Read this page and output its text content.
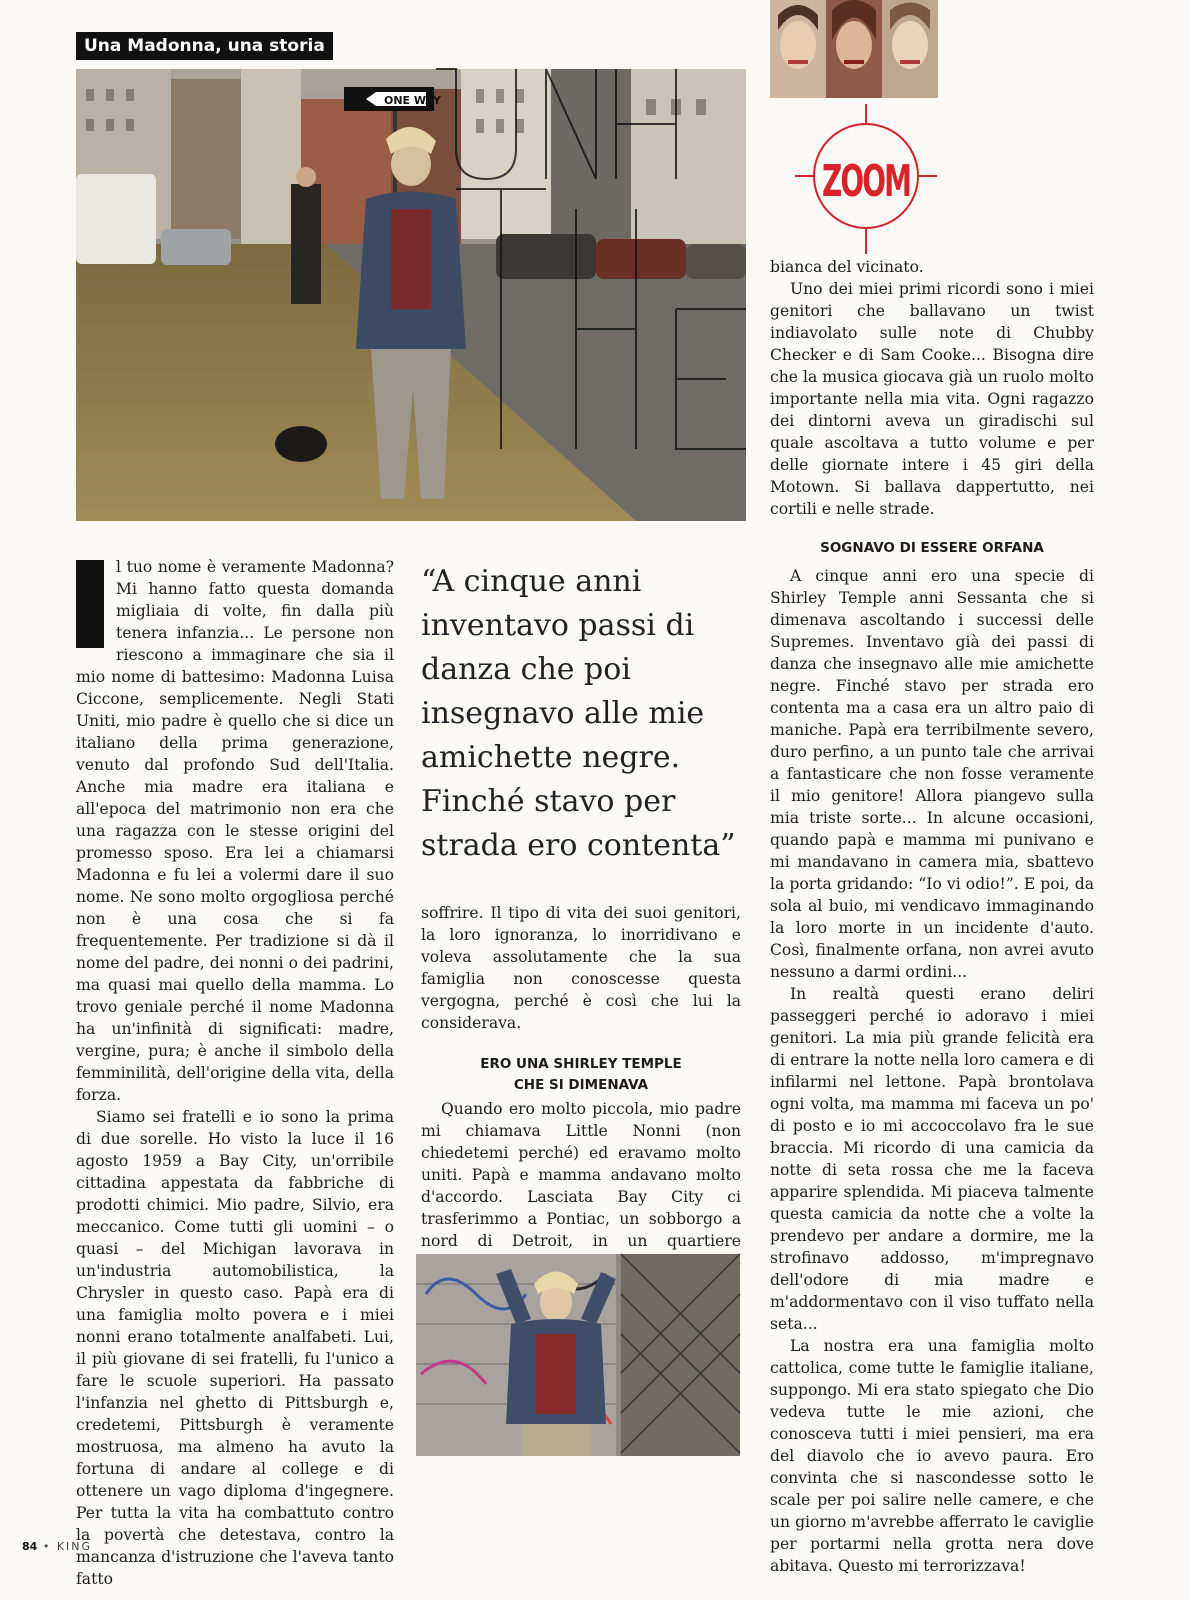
Una Madonna, una storia
ONE WAY
ZOOM

l tuo nome è veramente Madonna? Mi hanno fatto questa domanda migliaia di volte, fin dalla più tenera infanzia... Le persone non riescono a immaginare che sia il mio nome di battesimo: Madonna Luisa Ciccone, semplicemente. Negli Stati Uniti, mio padre è quello che si dice un italiano della prima generazione, venuto dal profondo Sud dell'Italia. Anche mia madre era italiana e all'epoca del matrimonio non era che una ragazza con le stesse origini del promesso sposo. Era lei a chiamarsi Madonna e fu lei a volermi dare il suo nome. Ne sono molto orgogliosa perché non è una cosa che si fa frequentemente. Per tradizione si dà il nome del padre, dei nonni o dei padrini, ma quasi mai quello della mamma. Lo trovo geniale perché il nome Madonna ha un'infinità di significati: madre, vergine, pura; è anche il simbolo della femminilità, dell'origine della vita, della forza.

Siamo sei fratelli e io sono la prima di due sorelle. Ho visto la luce il 16 agosto 1959 a Bay City, un'orribile cittadina appestata da fabbriche di prodotti chimici. Mio padre, Silvio, era meccanico. Come tutti gli uomini – o quasi – del Michigan lavorava in un'industria automobilistica, la Chrysler in questo caso. Papà era di una famiglia molto povera e i miei nonni erano totalmente analfabeti. Lui, il più giovane di sei fratelli, fu l'unico a fare le scuole superiori. Ha passato l'infanzia nel ghetto di Pittsburgh e, credetemi, Pittsburgh è veramente mostruosa, ma almeno ha avuto la fortuna di andare al college e di ottenere un vago diploma d'ingegnere. Per tutta la vita ha combattuto contro la povertà che detestava, contro la mancanza d'istruzione che l'aveva tanto fatto

“A cinque anni inventavo passi di danza che poi insegnavo alle mie amichette negre. Finché stavo per strada ero contenta”

soffrire. Il tipo di vita dei suoi genitori, la loro ignoranza, lo inorridivano e voleva assolutamente che la sua famiglia non conoscesse questa vergogna, perché è così che lui la considerava.

ERO UNA SHIRLEY TEMPLE
CHE SI DIMENAVA

Quando ero molto piccola, mio padre mi chiamava Little Nonni (non chiedetemi perché) ed eravamo molto uniti. Papà e mamma andavano molto d'accordo. Lasciata Bay City ci trasferimmo a Pontiac, un sobborgo a nord di Detroit, in un quartiere

bianca del vicinato.

Uno dei miei primi ricordi sono i miei genitori che ballavano un twist indiavolato sulle note di Chubby Checker e di Sam Cooke... Bisogna dire che la musica giocava già un ruolo molto importante nella mia vita. Ogni ragazzo dei dintorni aveva un giradischi sul quale ascoltava a tutto volume e per delle giornate intere i 45 giri della Motown. Si ballava dappertutto, nei cortili e nelle strade.

SOGNAVO DI ESSERE ORFANA

A cinque anni ero una specie di Shirley Temple anni Sessanta che si dimenava ascoltando i successi delle Supremes. Inventavo già dei passi di danza che insegnavo alle mie amichette negre. Finché stavo per strada ero contenta ma a casa era un altro paio di maniche. Papà era terribilmente severo, duro perfino, a un punto tale che arrivai a fantasticare che non fosse veramente il mio genitore! Allora piangevo sulla mia triste sorte... In alcune occasioni, quando papà e mamma mi punivano e mi mandavano in camera mia, sbattevo la porta gridando: “Io vi odio!”. E poi, da sola al buio, mi vendicavo immaginando la loro morte in un incidente d'auto. Così, finalmente orfana, non avrei avuto nessuno a darmi ordini...

In realtà questi erano deliri passeggeri perché io adoravo i miei genitori. La mia più grande felicità era di entrare la notte nella loro camera e di infilarmi nel lettone. Papà brontolava ogni volta, ma mamma mi faceva un po' di posto e io mi accoccolavo fra le sue braccia. Mi ricordo di una camicia da notte di seta rossa che me la faceva apparire splendida. Mi piaceva talmente questa camicia da notte che a volte la prendevo per andare a dormire, me la strofinavo addosso, m'impregnavo dell'odore di mia madre e m'addormentavo con il viso tuffato nella seta...

La nostra era una famiglia molto cattolica, come tutte le famiglie italiane, suppongo. Mi era stato spiegato che Dio vedeva tutte le mie azioni, che conosceva tutti i miei pensieri, ma era del diavolo che io avevo paura. Ero convinta che si nascondesse sotto le scale per poi salire nelle camere, e che un giorno m'avrebbe afferrato le caviglie per portarmi nella grotta nera dove abitava. Questo mi terrorizzava!

84 • KING
